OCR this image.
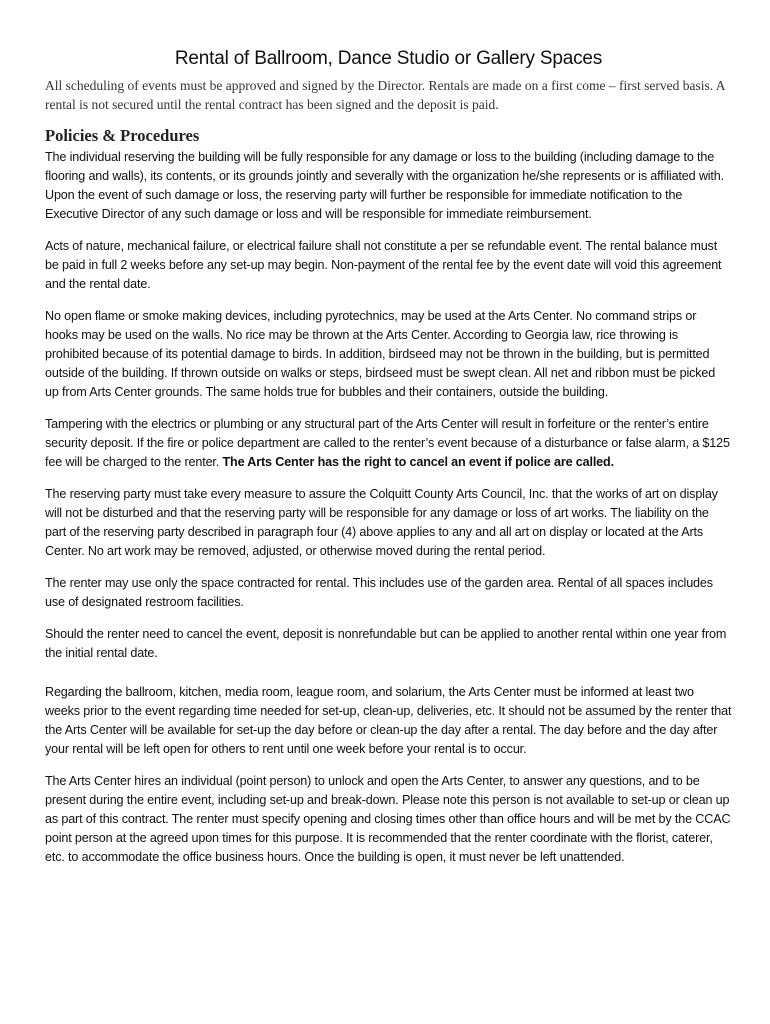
Rental of Ballroom, Dance Studio or Gallery Spaces

All scheduling of events must be approved and signed by the Director. Rentals are made on a first come – first served basis. A rental is not secured until the rental contract has been signed and the deposit is paid.

Policies & Procedures

The individual reserving the building will be fully responsible for any damage or loss to the building (including damage to the flooring and walls), its contents, or its grounds jointly and severally with the organization he/she represents or is affiliated with. Upon the event of such damage or loss, the reserving party will further be responsible for immediate notification to the Executive Director of any such damage or loss and will be responsible for immediate reimbursement.

Acts of nature, mechanical failure, or electrical failure shall not constitute a per se refundable event. The rental balance must be paid in full 2 weeks before any set-up may begin. Non-payment of the rental fee by the event date will void this agreement and the rental date.

No open flame or smoke making devices, including pyrotechnics, may be used at the Arts Center. No command strips or hooks may be used on the walls. No rice may be thrown at the Arts Center. According to Georgia law, rice throwing is prohibited because of its potential damage to birds. In addition, birdseed may not be thrown in the building, but is permitted outside of the building. If thrown outside on walks or steps, birdseed must be swept clean. All net and ribbon must be picked up from Arts Center grounds. The same holds true for bubbles and their containers, outside the building.

Tampering with the electrics or plumbing or any structural part of the Arts Center will result in forfeiture or the renter’s entire security deposit. If the fire or police department are called to the renter’s event because of a disturbance or false alarm, a $125 fee will be charged to the renter. The Arts Center has the right to cancel an event if police are called.

The reserving party must take every measure to assure the Colquitt County Arts Council, Inc. that the works of art on display will not be disturbed and that the reserving party will be responsible for any damage or loss of art works. The liability on the part of the reserving party described in paragraph four (4) above applies to any and all art on display or located at the Arts Center. No art work may be removed, adjusted, or otherwise moved during the rental period.

The renter may use only the space contracted for rental. This includes use of the garden area. Rental of all spaces includes use of designated restroom facilities.

Should the renter need to cancel the event, deposit is nonrefundable but can be applied to another rental within one year from the initial rental date.

Regarding the ballroom, kitchen, media room, league room, and solarium, the Arts Center must be informed at least two weeks prior to the event regarding time needed for set-up, clean-up, deliveries, etc. It should not be assumed by the renter that the Arts Center will be available for set-up the day before or clean-up the day after a rental. The day before and the day after your rental will be left open for others to rent until one week before your rental is to occur.

The Arts Center hires an individual (point person) to unlock and open the Arts Center, to answer any questions, and to be present during the entire event, including set-up and break-down. Please note this person is not available to set-up or clean up as part of this contract. The renter must specify opening and closing times other than office hours and will be met by the CCAC point person at the agreed upon times for this purpose. It is recommended that the renter coordinate with the florist, caterer, etc. to accommodate the office business hours. Once the building is open, it must never be left unattended.
